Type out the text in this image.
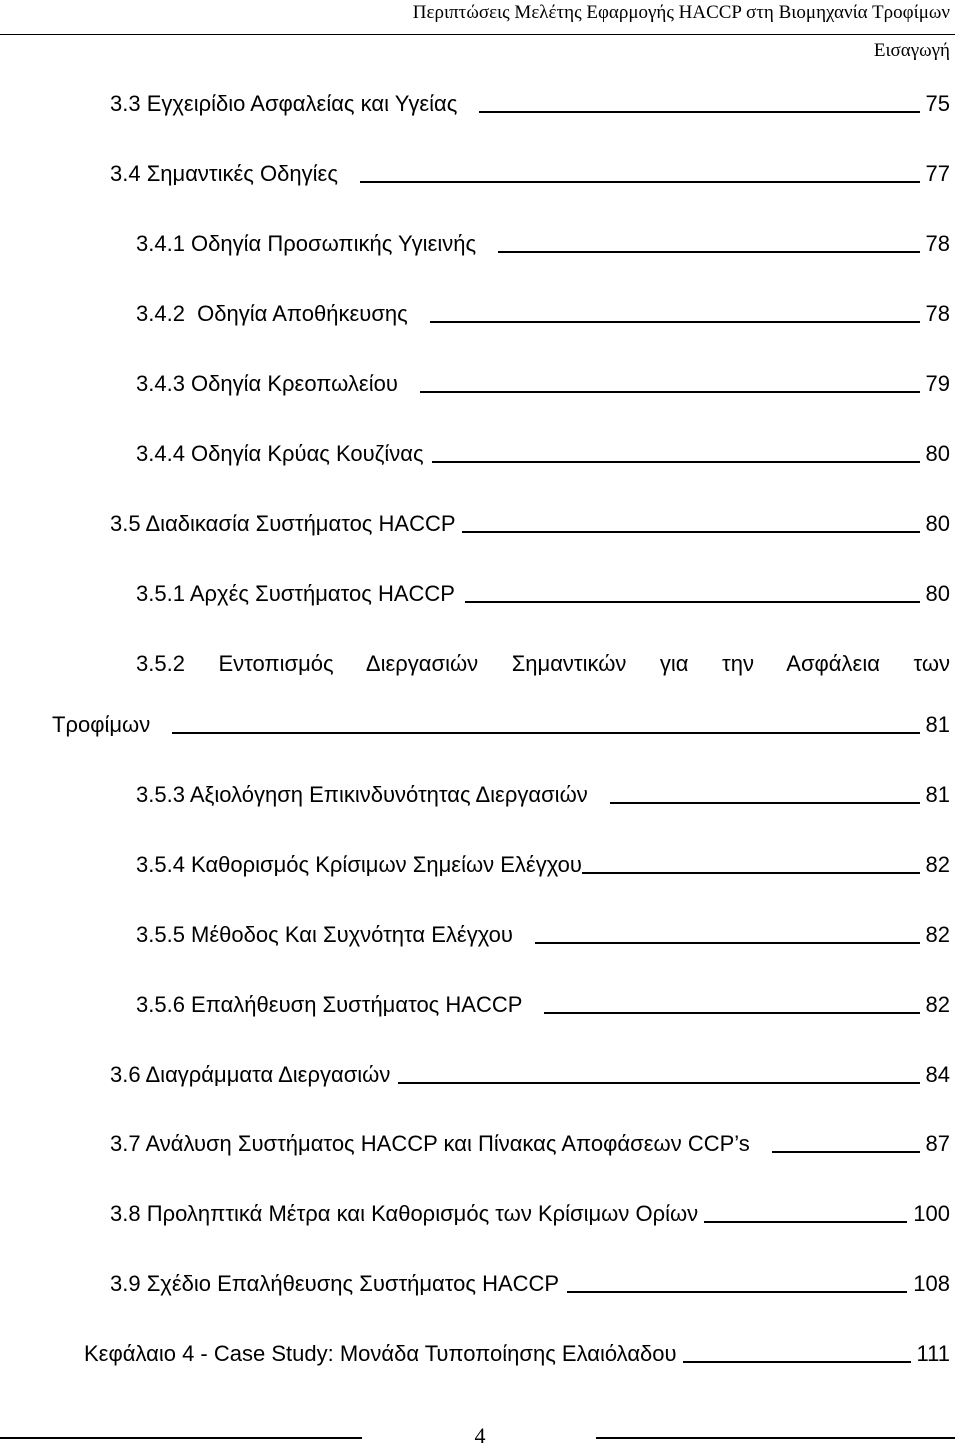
Περιπτώσεις Μελέτης Εφαρμογής HACCP στη Βιομηχανία Τροφίμων
Εισαγωγή
3.3 Εγχειρίδιο Ασφαλείας και Υγείας	75
3.4 Σημαντικές Οδηγίες	77
3.4.1 Οδηγία Προσωπικής Υγιεινής	78
3.4.2  Οδηγία Αποθήκευσης	78
3.4.3 Οδηγία Κρεοπωλείου	79
3.4.4 Οδηγία Κρύας Κουζίνας	80
3.5 Διαδικασία Συστήματος HACCP	80
3.5.1 Αρχές Συστήματος HACCP	80
3.5.2 Εντοπισμός Διεργασιών Σημαντικών για την Ασφάλεια των
Τροφίμων	81
3.5.3 Αξιολόγηση Επικινδυνότητας Διεργασιών	81
3.5.4 Καθορισμός Κρίσιμων Σημείων Ελέγχου	82
3.5.5 Μέθοδος Και Συχνότητα Ελέγχου	82
3.5.6 Επαλήθευση Συστήματος HACCP	82
3.6 Διαγράμματα Διεργασιών	84
3.7 Ανάλυση Συστήματος HACCP και Πίνακας Αποφάσεων CCP’s	87
3.8 Προληπτικά Μέτρα και Καθορισμός των Κρίσιμων Ορίων	100
3.9 Σχέδιο Επαλήθευσης Συστήματος HACCP	108
Κεφάλαιο 4 - Case Study: Μονάδα Τυποποίησης Ελαιόλαδου	111
4
